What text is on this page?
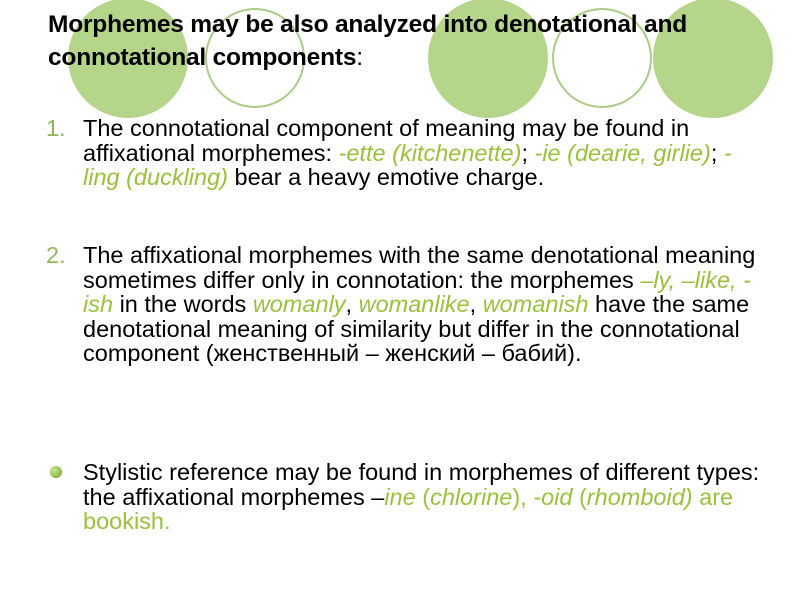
Morphemes may be also analyzed into denotational and connotational components:
1. The connotational component of meaning may be found in affixational morphemes: -ette (kitchenette); -ie (dearie, girlie); -ling (duckling) bear a heavy emotive charge.
2. The affixational morphemes with the same denotational meaning sometimes differ only in connotation: the morphemes –ly, –like, -ish in the words womanly, womanlike, womanish have the same denotational meaning of similarity but differ in the connotational component (женственный – женский – бабий).
Stylistic reference may be found in morphemes of different types: the affixational morphemes –ine (chlorine), -oid (rhomboid) are bookish.
